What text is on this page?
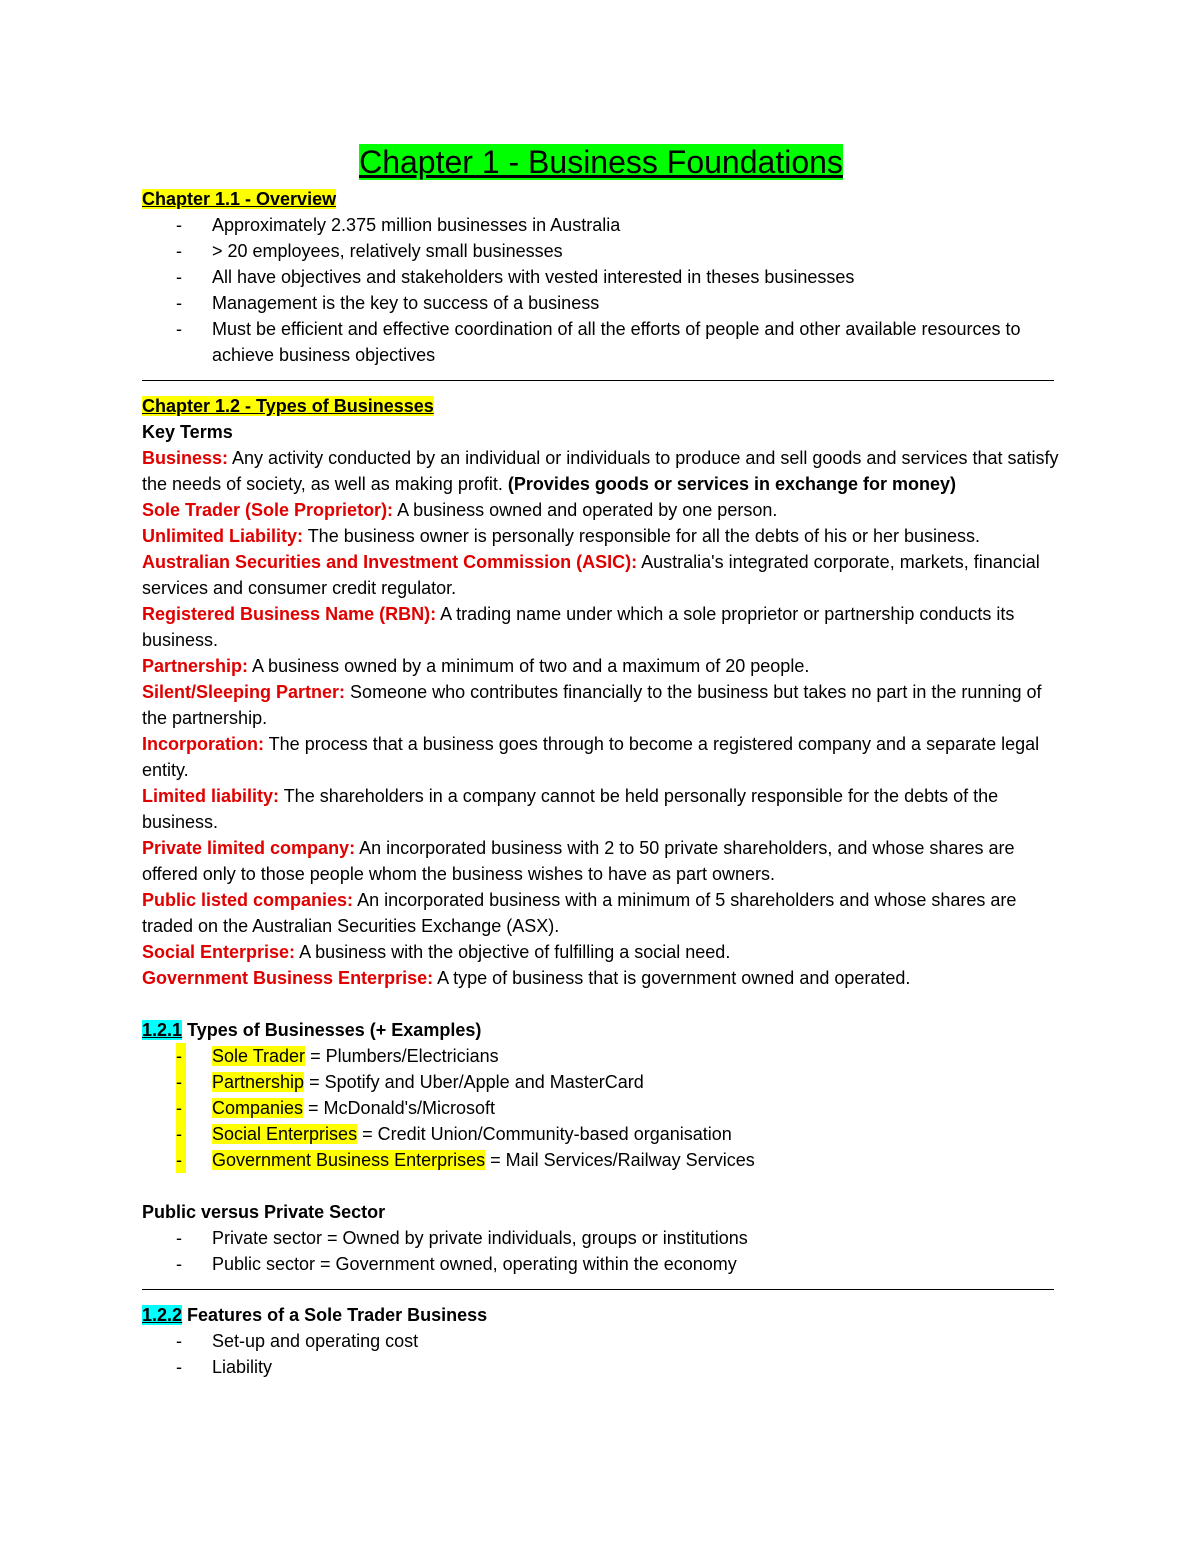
Chapter 1 - Business Foundations

Chapter 1.1 - Overview

- Approximately 2.375 million businesses in Australia
- > 20 employees, relatively small businesses
- All have objectives and stakeholders with vested interested in theses businesses
- Management is the key to success of a business
- Must be efficient and effective coordination of all the efforts of people and other available resources to achieve business objectives

Chapter 1.2 - Types of Businesses

Key Terms

Business: Any activity conducted by an individual or individuals to produce and sell goods and services that satisfy the needs of society, as well as making profit. (Provides goods or services in exchange for money)

Sole Trader (Sole Proprietor): A business owned and operated by one person.

Unlimited Liability: The business owner is personally responsible for all the debts of his or her business.

Australian Securities and Investment Commission (ASIC): Australia's integrated corporate, markets, financial services and consumer credit regulator.

Registered Business Name (RBN): A trading name under which a sole proprietor or partnership conducts its business.

Partnership: A business owned by a minimum of two and a maximum of 20 people.

Silent/Sleeping Partner: Someone who contributes financially to the business but takes no part in the running of the partnership.

Incorporation: The process that a business goes through to become a registered company and a separate legal entity.

Limited liability: The shareholders in a company cannot be held personally responsible for the debts of the business.

Private limited company: An incorporated business with 2 to 50 private shareholders, and whose shares are offered only to those people whom the business wishes to have as part owners.

Public listed companies: An incorporated business with a minimum of 5 shareholders and whose shares are traded on the Australian Securities Exchange (ASX).

Social Enterprise: A business with the objective of fulfilling a social need.

Government Business Enterprise: A type of business that is government owned and operated.

1.2.1 Types of Businesses (+ Examples)

- Sole Trader = Plumbers/Electricians
- Partnership = Spotify and Uber/Apple and MasterCard
- Companies = McDonald's/Microsoft
- Social Enterprises = Credit Union/Community-based organisation
- Government Business Enterprises = Mail Services/Railway Services

Public versus Private Sector

- Private sector = Owned by private individuals, groups or institutions
- Public sector = Government owned, operating within the economy

1.2.2 Features of a Sole Trader Business

- Set-up and operating cost
- Liability
